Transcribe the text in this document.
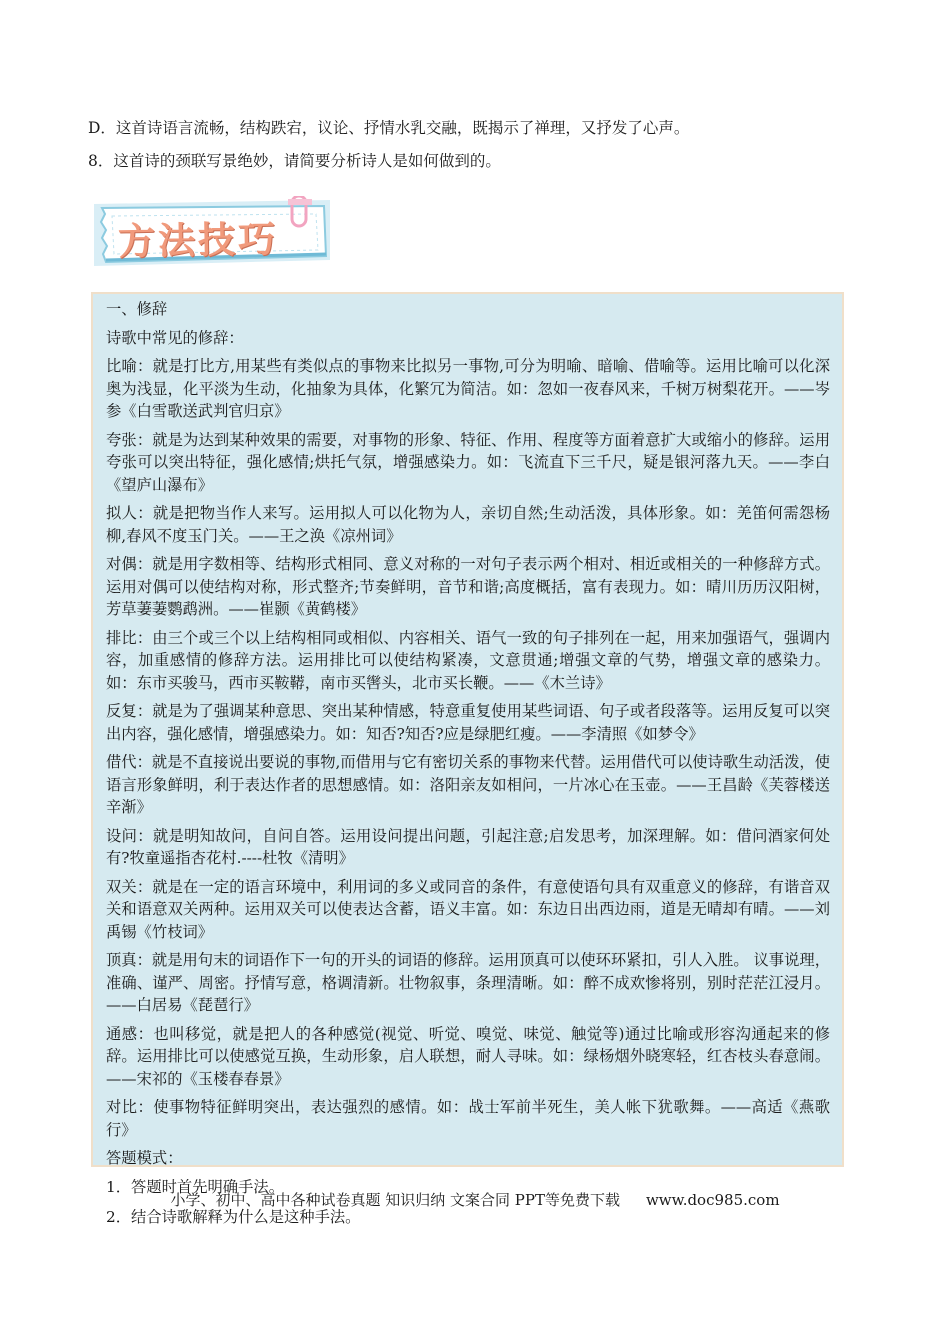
D．这首诗语言流畅，结构跌宕，议论、抒情水乳交融，既揭示了禅理，又抒发了心声。
8．这首诗的颈联写景绝妙，请简要分析诗人是如何做到的。
方法技巧

一、修辞

诗歌中常见的修辞：

比喻：就是打比方,用某些有类似点的事物来比拟另一事物,可分为明喻、暗喻、借喻等。运用比喻可以化深奥为浅显，化平淡为生动，化抽象为具体，化繁冗为简洁。如：忽如一夜春风来，千树万树梨花开。——岑参《白雪歌送武判官归京》

夸张：就是为达到某种效果的需要，对事物的形象、特征、作用、程度等方面着意扩大或缩小的修辞。运用夸张可以突出特征，强化感情;烘托气氛，增强感染力。如：飞流直下三千尺，疑是银河落九天。——李白《望庐山瀑布》

拟人：就是把物当作人来写。运用拟人可以化物为人，亲切自然;生动活泼，具体形象。如：羌笛何需怨杨柳,春风不度玉门关。——王之涣《凉州词》

对偶：就是用字数相等、结构形式相同、意义对称的一对句子表示两个相对、相近或相关的一种修辞方式。运用对偶可以使结构对称，形式整齐;节奏鲜明，音节和谐;高度概括，富有表现力。如：晴川历历汉阳树，芳草萋萋鹦鹉洲。——崔颢《黄鹤楼》

排比：由三个或三个以上结构相同或相似、内容相关、语气一致的句子排列在一起，用来加强语气，强调内容，加重感情的修辞方法。运用排比可以使结构紧凑，文意贯通;增强文章的气势，增强文章的感染力。如：东市买骏马，西市买鞍鞯，南市买辔头，北市买长鞭。——《木兰诗》

反复：就是为了强调某种意思、突出某种情感，特意重复使用某些词语、句子或者段落等。运用反复可以突出内容，强化感情，增强感染力。如：知否?知否?应是绿肥红瘦。——李清照《如梦令》

借代：就是不直接说出要说的事物,而借用与它有密切关系的事物来代替。运用借代可以使诗歌生动活泼，使语言形象鲜明，利于表达作者的思想感情。如：洛阳亲友如相问，一片冰心在玉壶。——王昌龄《芙蓉楼送辛渐》

设问：就是明知故问，自问自答。运用设问提出问题，引起注意;启发思考，加深理解。如：借问酒家何处有?牧童遥指杏花村.----杜牧《清明》

双关：就是在一定的语言环境中，利用词的多义或同音的条件，有意使语句具有双重意义的修辞，有谐音双关和语意双关两种。运用双关可以使表达含蓄，语义丰富。如：东边日出西边雨，道是无晴却有晴。——刘禹锡《竹枝词》

顶真：就是用句末的词语作下一句的开头的词语的修辞。运用顶真可以使环环紧扣，引人入胜。 议事说理，准确、谨严、周密。抒情写意，格调清新。壮物叙事，条理清晰。如：醉不成欢惨将别，别时茫茫江浸月。——白居易《琵琶行》

通感：也叫移觉，就是把人的各种感觉(视觉、听觉、嗅觉、味觉、触觉等)通过比喻或形容沟通起来的修辞。运用排比可以使感觉互换，生动形象，启人联想，耐人寻味。如：绿杨烟外晓寒轻，红杏枝头春意闹。——宋祁的《玉楼春春景》

对比：使事物特征鲜明突出，表达强烈的感情。如：战士军前半死生，美人帐下犹歌舞。——高适《燕歌行》

答题模式：

1．答题时首先明确手法。

2．结合诗歌解释为什么是这种手法。

小学、初中、高中各种试卷真题 知识归纳 文案合同 PPT等免费下载 www.doc985.com
